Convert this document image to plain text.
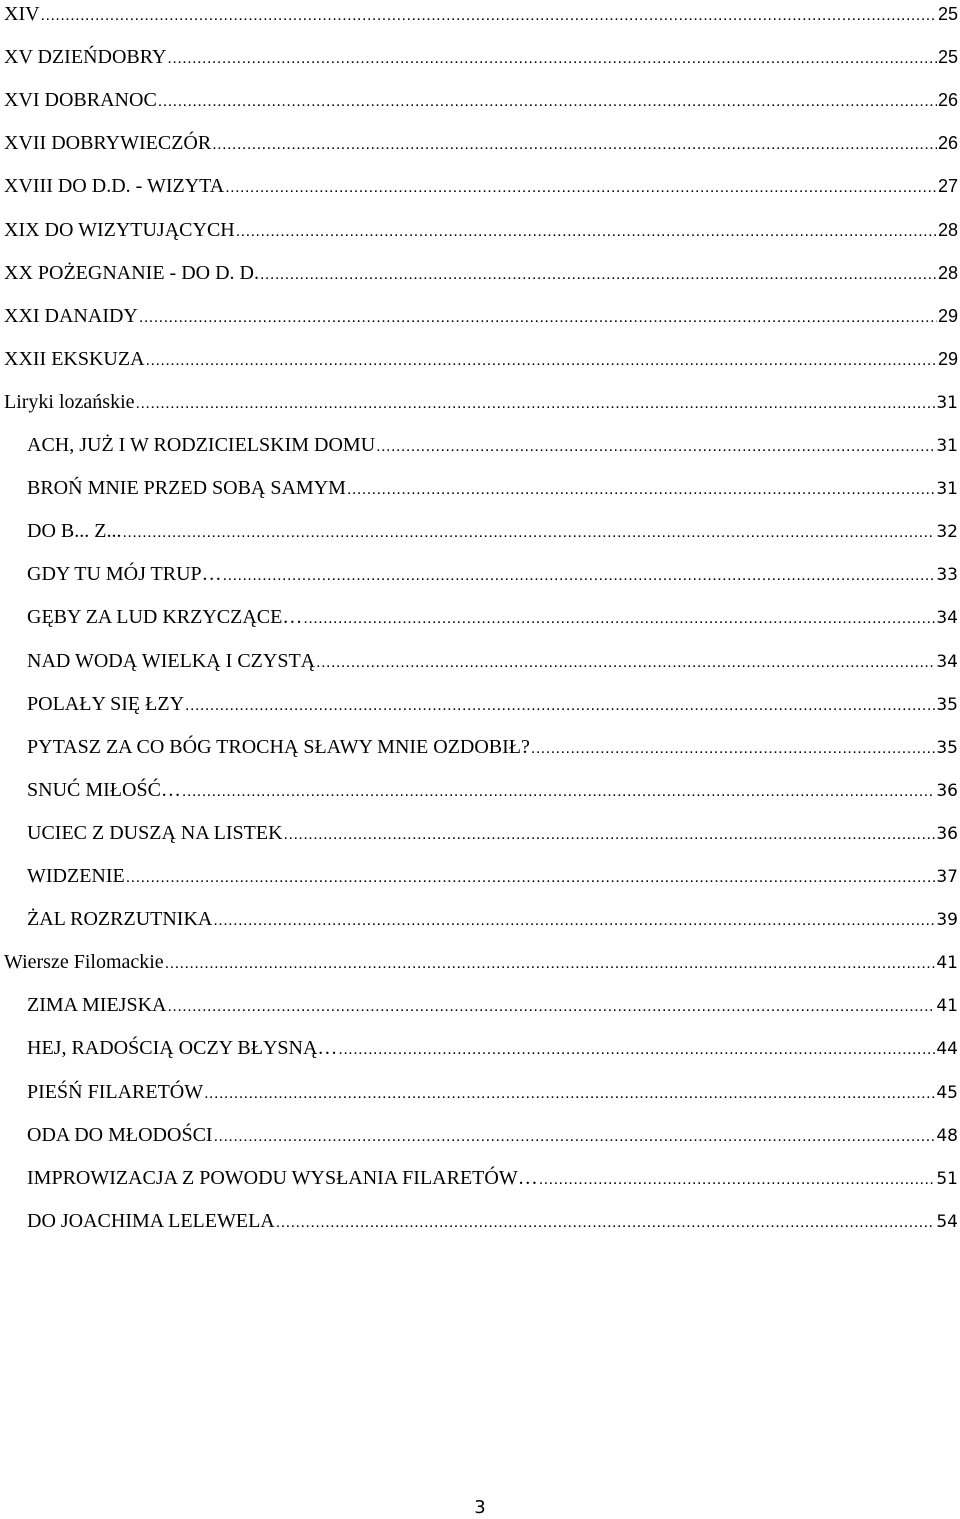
XIV .....	25
XV DZIEŃDOBRY .....	25
XVI DOBRANOC .....	26
XVII DOBRYWIECZÓR .....	26
XVIII DO D.D. - WIZYTA .....	27
XIX DO WIZYTUJĄCYCH .....	28
XX POŻEGNANIE - DO D. D. .....	28
XXI DANAIDY .....	29
XXII EKSKUZA .....	29
Liryki lozańskie .....	31
ACH, JUŻ I W RODZICIELSKIM DOMU .....	31
BROŃ MNIE PRZED SOBĄ SAMYM .....	31
DO B... Z... .....	32
GDY TU MÓJ TRUP… .....	33
GĘBY ZA LUD KRZYCZĄCE… .....	34
NAD WODĄ WIELKĄ I CZYSTĄ .....	34
POLAŁY SIĘ ŁZY .....	35
PYTASZ ZA CO BÓG TROCHĄ SŁAWY MNIE OZDOBIŁ? .....	35
SNUĆ MIŁOŚĆ… .....	36
UCIEC Z DUSZĄ NA LISTEK .....	36
WIDZENIE .....	37
ŻAL ROZRZUTNIKA .....	39
Wiersze Filomackie .....	41
ZIMA MIEJSKA .....	41
HEJ, RADOŚCIĄ OCZY BŁYSNĄ… .....	44
PIEŚŃ FILARETÓW .....	45
ODA DO MŁODOŚCI .....	48
IMPROWIZACJA Z POWODU WYSŁANIA FILARETÓW… .....	51
DO JOACHIMA LELEWELA .....	54
3
